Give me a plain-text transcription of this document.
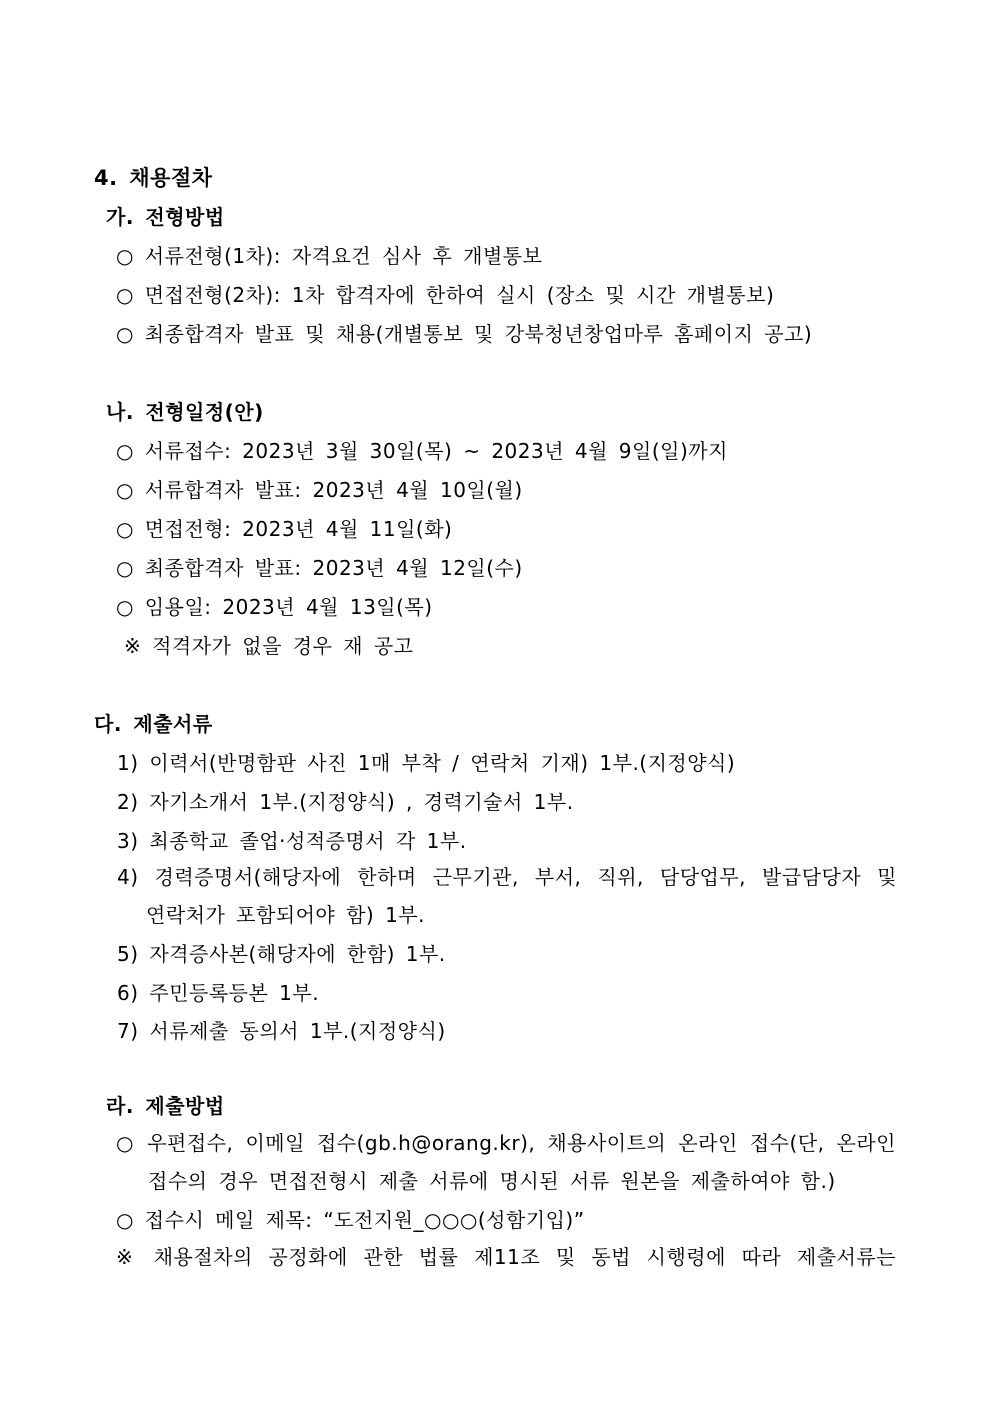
4. 채용절차
가. 전형방법
○ 서류전형(1차): 자격요건 심사 후 개별통보
○ 면접전형(2차): 1차 합격자에 한하여 실시 (장소 및 시간 개별통보)
○ 최종합격자 발표 및 채용(개별통보 및 강북청년창업마루 홈페이지 공고)
나. 전형일정(안)
○ 서류접수: 2023년 3월 30일(목) ~ 2023년 4월 9일(일)까지
○ 서류합격자 발표: 2023년 4월 10일(월)
○ 면접전형: 2023년 4월 11일(화)
○ 최종합격자 발표: 2023년 4월 12일(수)
○ 임용일: 2023년 4월 13일(목)
※ 적격자가 없을 경우 재 공고
다. 제출서류
1) 이력서(반명함판 사진 1매 부착 / 연락처 기재) 1부.(지정양식)
2) 자기소개서 1부.(지정양식) , 경력기술서 1부.
3) 최종학교 졸업·성적증명서 각 1부.
4) 경력증명서(해당자에 한하며 근무기관, 부서, 직위, 담당업무, 발급담당자 및
연락처가 포함되어야 함) 1부.
5) 자격증사본(해당자에 한함) 1부.
6) 주민등록등본 1부.
7) 서류제출 동의서 1부.(지정양식)
라. 제출방법
○ 우편접수, 이메일 접수(gb.h@orang.kr), 채용사이트의 온라인 접수(단, 온라인
접수의 경우 면접전형시 제출 서류에 명시된 서류 원본을 제출하여야 함.)
○ 접수시 메일 제목: “도전지원_○○○(성함기입)”
※ 채용절차의 공정화에 관한 법률 제11조 및 동법 시행령에 따라 제출서류는
